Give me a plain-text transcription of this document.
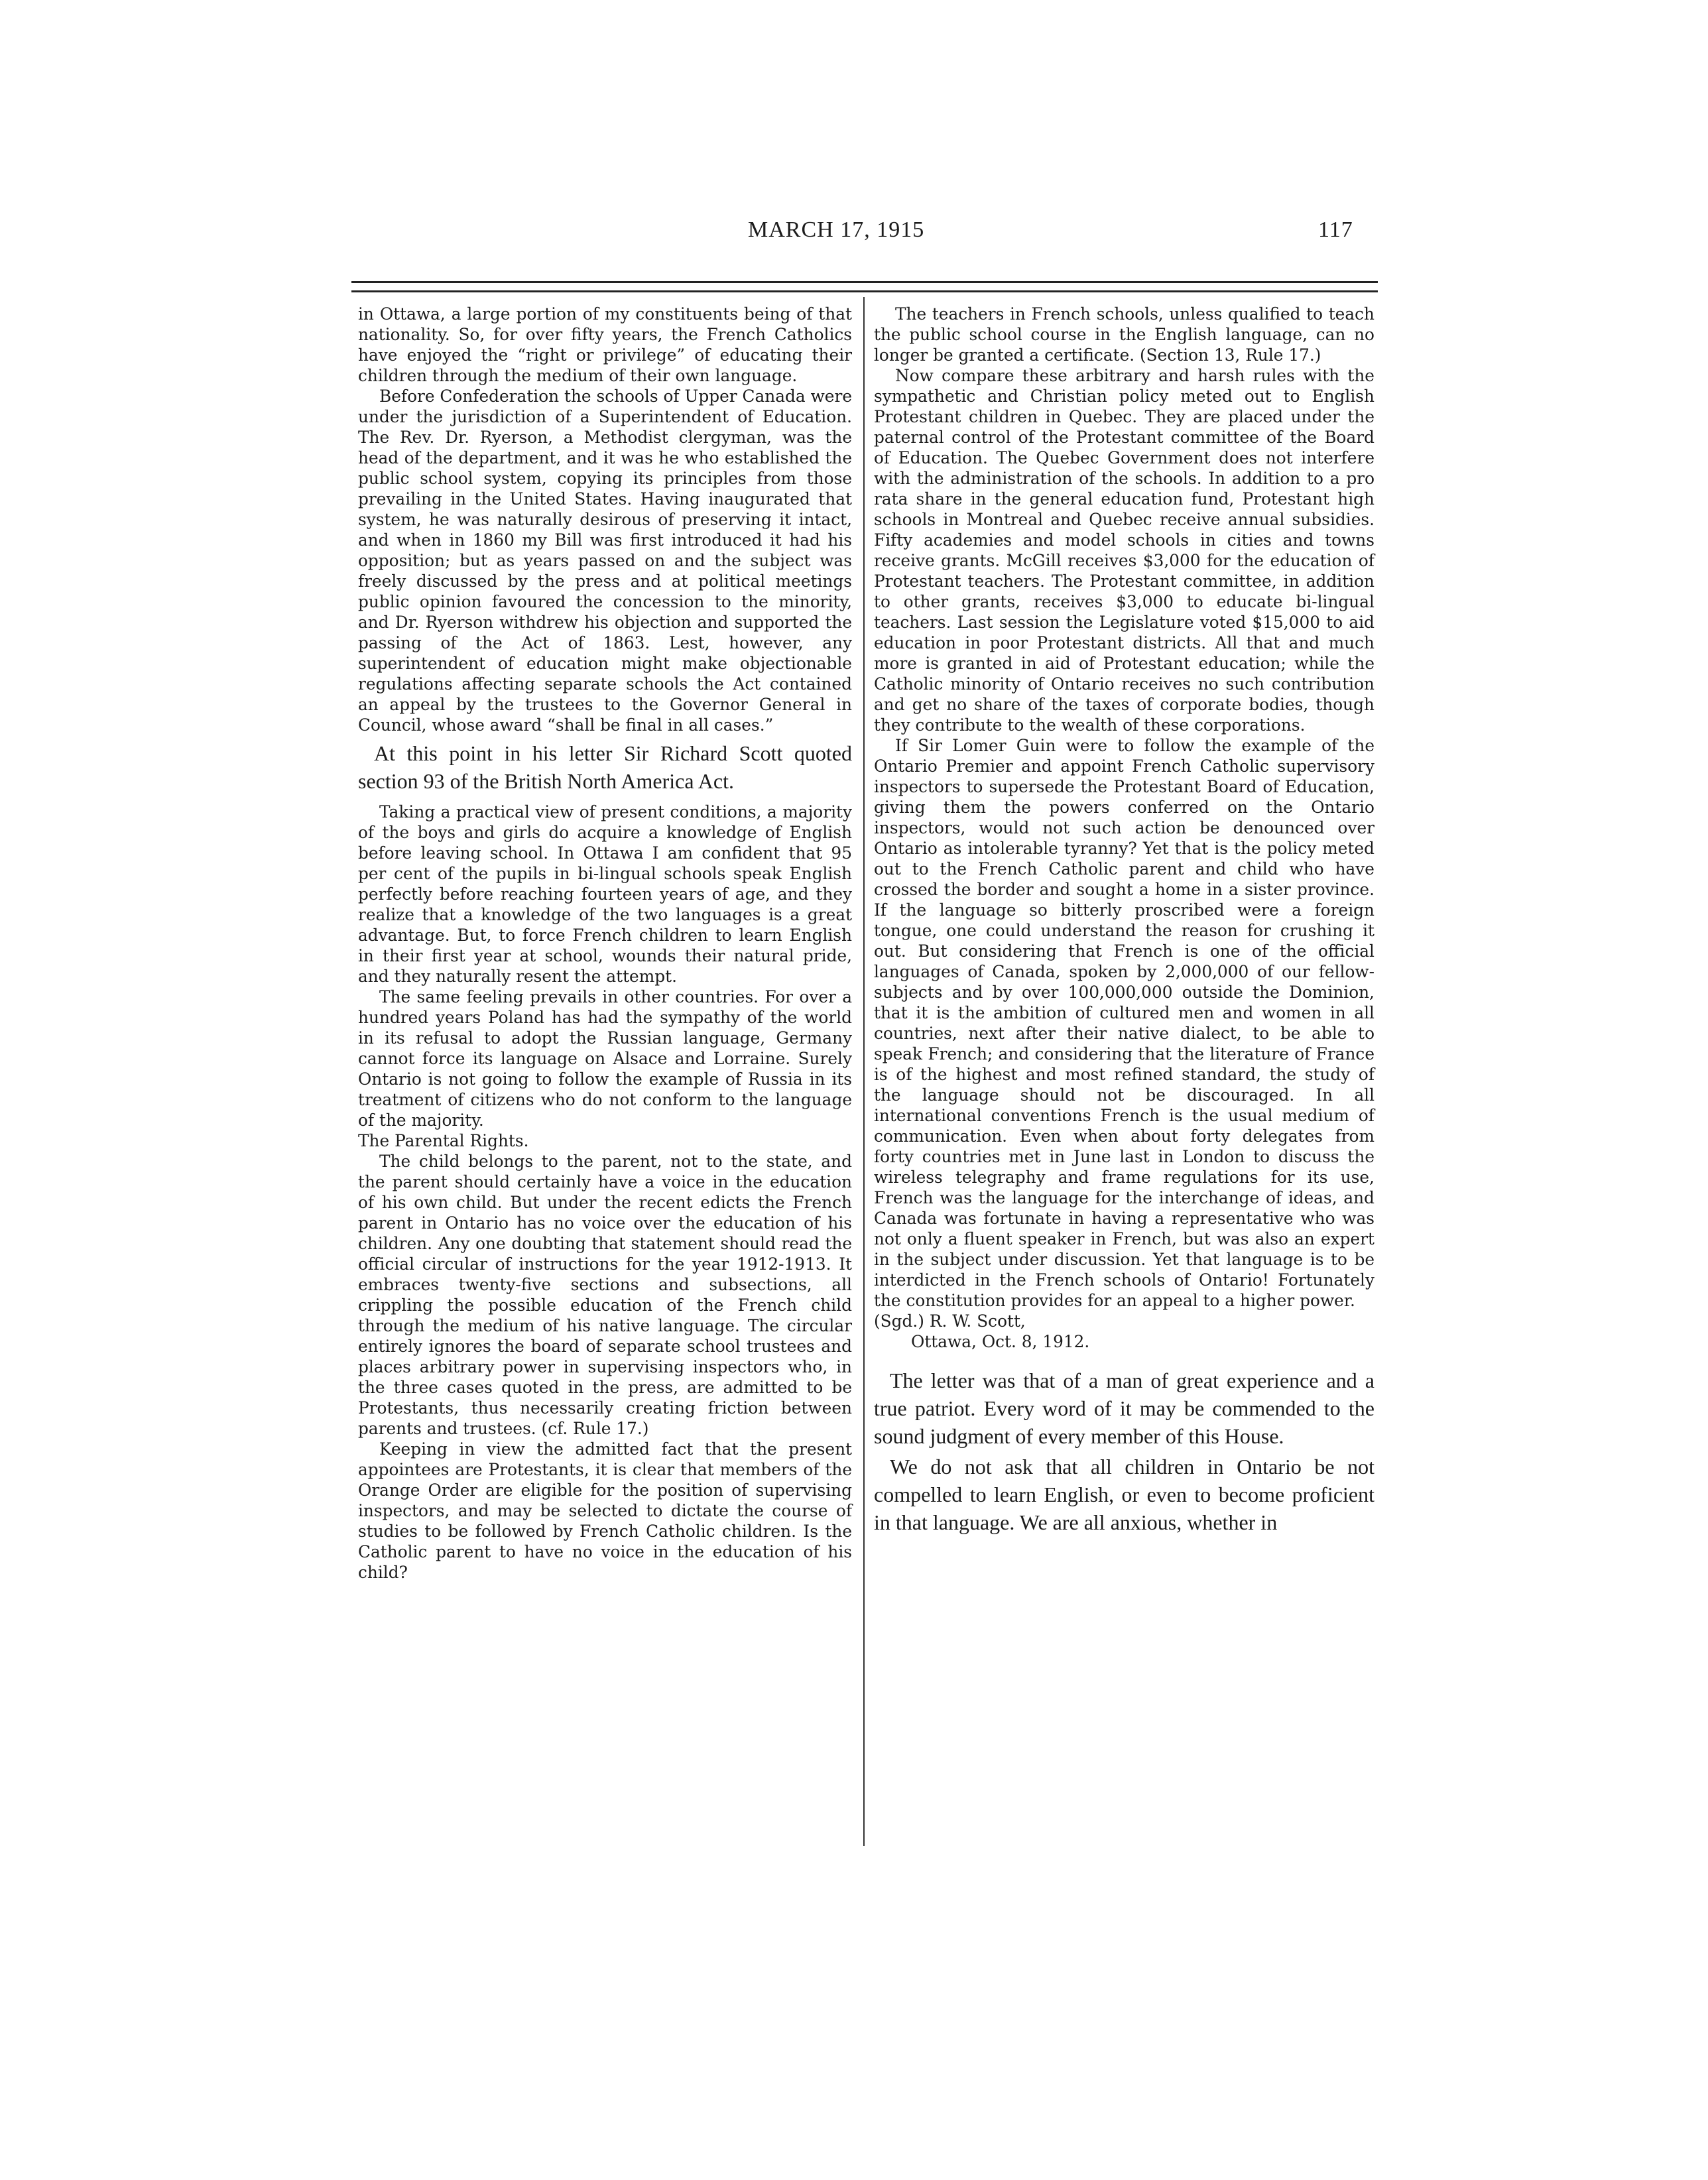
MARCH 17, 1915	117

in Ottawa, a large portion of my constituents being of that nationality. So, for over fifty years, the French Catholics have enjoyed the “right or privilege” of educating their children through the medium of their own language.

Before Confederation the schools of Upper Canada were under the jurisdiction of a Superintendent of Education. The Rev. Dr. Ryerson, a Methodist clergyman, was the head of the department, and it was he who established the public school system, copying its principles from those prevailing in the United States. Having inaugurated that system, he was naturally desirous of preserving it intact, and when in 1860 my Bill was first introduced it had his opposition; but as years passed on and the subject was freely discussed by the press and at political meetings public opinion favoured the concession to the minority, and Dr. Ryerson withdrew his objection and supported the passing of the Act of 1863. Lest, however, any superintendent of education might make objectionable regulations affecting separate schools the Act contained an appeal by the trustees to the Governor General in Council, whose award “shall be final in all cases.”

At this point in his letter Sir Richard Scott quoted section 93 of the British North America Act.

Taking a practical view of present conditions, a majority of the boys and girls do acquire a knowledge of English before leaving school. In Ottawa I am confident that 95 per cent of the pupils in bi-lingual schools speak English perfectly before reaching fourteen years of age, and they realize that a knowledge of the two languages is a great advantage. But, to force French children to learn English in their first year at school, wounds their natural pride, and they naturally resent the attempt.

The same feeling prevails in other countries. For over a hundred years Poland has had the sympathy of the world in its refusal to adopt the Russian language, Germany cannot force its language on Alsace and Lorraine. Surely Ontario is not going to follow the example of Russia in its treatment of citizens who do not conform to the language of the majority.

The Parental Rights.

The child belongs to the parent, not to the state, and the parent should certainly have a voice in the education of his own child. But under the recent edicts the French parent in Ontario has no voice over the education of his children. Any one doubting that statement should read the official circular of instructions for the year 1912-1913. It embraces twenty-five sections and subsections, all crippling the possible education of the French child through the medium of his native language. The circular entirely ignores the board of separate school trustees and places arbitrary power in supervising inspectors who, in the three cases quoted in the press, are admitted to be Protestants, thus necessarily creating friction between parents and trustees. (cf. Rule 17.)

Keeping in view the admitted fact that the present appointees are Protestants, it is clear that members of the Orange Order are eligible for the position of supervising inspectors, and may be selected to dictate the course of studies to be followed by French Catholic children. Is the Catholic parent to have no voice in the education of his child?

The teachers in French schools, unless qualified to teach the public school course in the English language, can no longer be granted a certificate. (Section 13, Rule 17.)

Now compare these arbitrary and harsh rules with the sympathetic and Christian policy meted out to English Protestant children in Quebec. They are placed under the paternal control of the Protestant committee of the Board of Education. The Quebec Government does not interfere with the administration of the schools. In addition to a pro rata share in the general education fund, Protestant high schools in Montreal and Quebec receive annual subsidies. Fifty academies and model schools in cities and towns receive grants. McGill receives $3,000 for the education of Protestant teachers. The Protestant committee, in addition to other grants, receives $3,000 to educate bi-lingual teachers. Last session the Legislature voted $15,000 to aid education in poor Protestant districts. All that and much more is granted in aid of Protestant education; while the Catholic minority of Ontario receives no such contribution and get no share of the taxes of corporate bodies, though they contribute to the wealth of these corporations.

If Sir Lomer Guin were to follow the example of the Ontario Premier and appoint French Catholic supervisory inspectors to supersede the Protestant Board of Education, giving them the powers conferred on the Ontario inspectors, would not such action be denounced over Ontario as intolerable tyranny? Yet that is the policy meted out to the French Catholic parent and child who have crossed the border and sought a home in a sister province. If the language so bitterly proscribed were a foreign tongue, one could understand the reason for crushing it out. But considering that French is one of the official languages of Canada, spoken by 2,000,000 of our fellow-subjects and by over 100,000,000 outside the Dominion, that it is the ambition of cultured men and women in all countries, next after their native dialect, to be able to speak French; and considering that the literature of France is of the highest and most refined standard, the study of the language should not be discouraged. In all international conventions French is the usual medium of communication. Even when about forty delegates from forty countries met in June last in London to discuss the wireless telegraphy and frame regulations for its use, French was the language for the interchange of ideas, and Canada was fortunate in having a representative who was not only a fluent speaker in French, but was also an expert in the subject under discussion. Yet that language is to be interdicted in the French schools of Ontario! Fortunately the constitution provides for an appeal to a higher power.

(Sgd.) R. W. Scott,

Ottawa, Oct. 8, 1912.

The letter was that of a man of great experience and a true patriot. Every word of it may be commended to the sound judgment of every member of this House.

We do not ask that all children in Ontario be not compelled to learn English, or even to become proficient in that language. We are all anxious, whether in
